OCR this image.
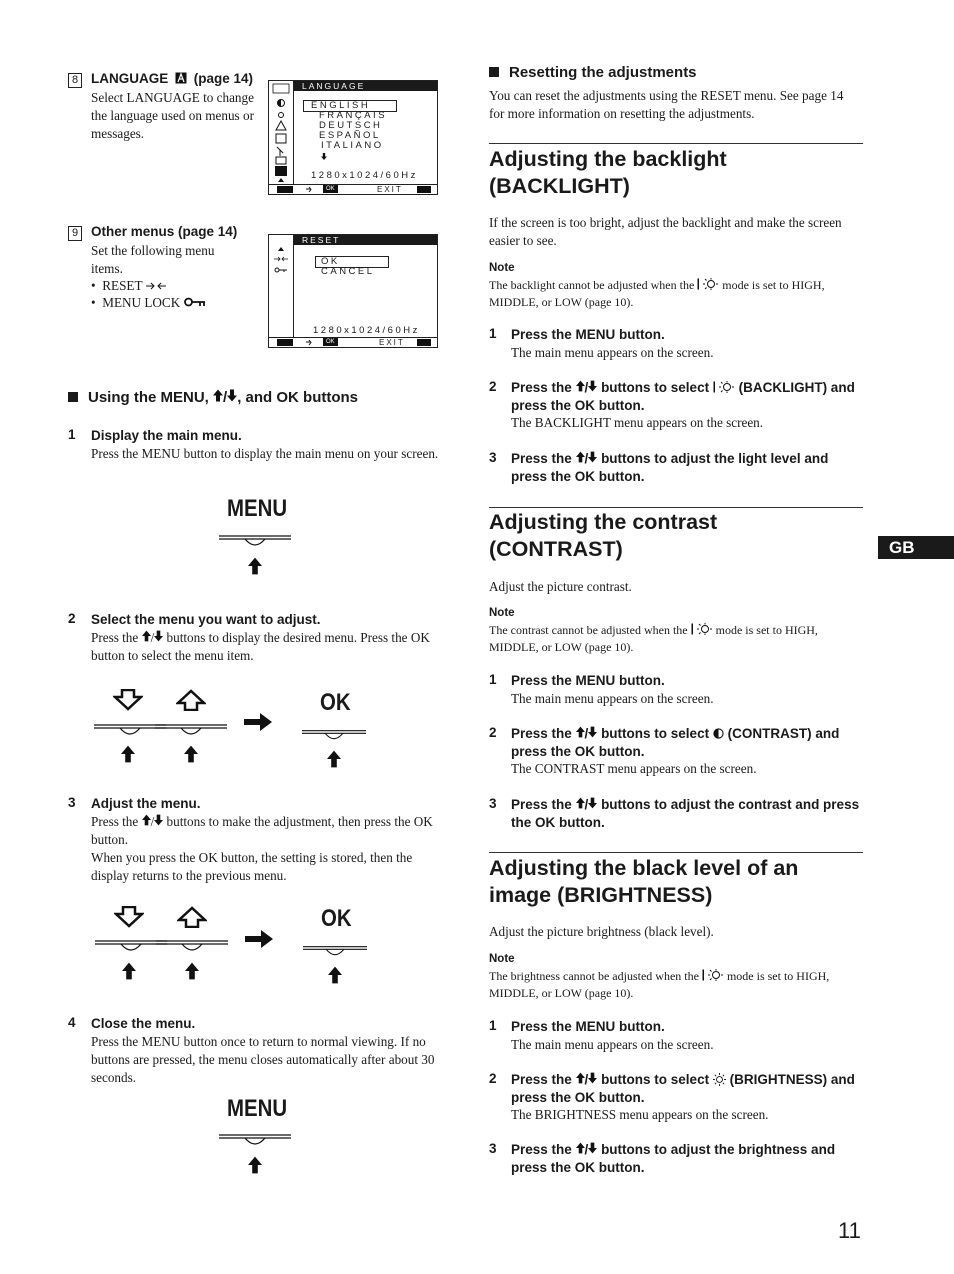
8 LANGUAGE (page 14)
Select LANGUAGE to change the language used on menus or messages.
LANGUAGE
ENGLISH
FRANÇAIS
DEUTSCH
ESPAÑOL
ITALIANO
1280x1024/60Hz
OK	EXIT
9 Other menus (page 14)
Set the following menu items.
•  RESET
•  MENU LOCK
RESET
OK
CANCEL
1280x1024/60Hz
OK	EXIT
Using the MENU, / , and OK buttons
1 Display the main menu.
Press the MENU button to display the main menu on your screen.
MENU
2 Select the menu you want to adjust.
Press the / buttons to display the desired menu. Press the OK button to select the menu item.
OK
3 Adjust the menu.
Press the / buttons to make the adjustment, then press the OK button.
When you press the OK button, the setting is stored, then the display returns to the previous menu.
OK
4 Close the menu.
Press the MENU button once to return to normal viewing. If no buttons are pressed, the menu closes automatically after about 30 seconds.
MENU
Resetting the adjustments
You can reset the adjustments using the RESET menu. See page 14 for more information on resetting the adjustments.
Adjusting the backlight
(BACKLIGHT)
If the screen is too bright, adjust the backlight and make the screen easier to see.
Note
The backlight cannot be adjusted when the  mode is set to HIGH, MIDDLE, or LOW (page 10).
1 Press the MENU button.
The main menu appears on the screen.
2 Press the / buttons to select  (BACKLIGHT) and press the OK button.
The BACKLIGHT menu appears on the screen.
3 Press the / buttons to adjust the light level and press the OK button.
Adjusting the contrast
(CONTRAST)
Adjust the picture contrast.
Note
The contrast cannot be adjusted when the  mode is set to HIGH, MIDDLE, or LOW (page 10).
1 Press the MENU button.
The main menu appears on the screen.
2 Press the / buttons to select  (CONTRAST) and press the OK button.
The CONTRAST menu appears on the screen.
3 Press the / buttons to adjust the contrast and press the OK button.
Adjusting the black level of an
image (BRIGHTNESS)
Adjust the picture brightness (black level).
Note
The brightness cannot be adjusted when the  mode is set to HIGH, MIDDLE, or LOW (page 10).
1 Press the MENU button.
The main menu appears on the screen.
2 Press the / buttons to select  (BRIGHTNESS) and press the OK button.
The BRIGHTNESS menu appears on the screen.
3 Press the / buttons to adjust the brightness and press the OK button.
GB
11
